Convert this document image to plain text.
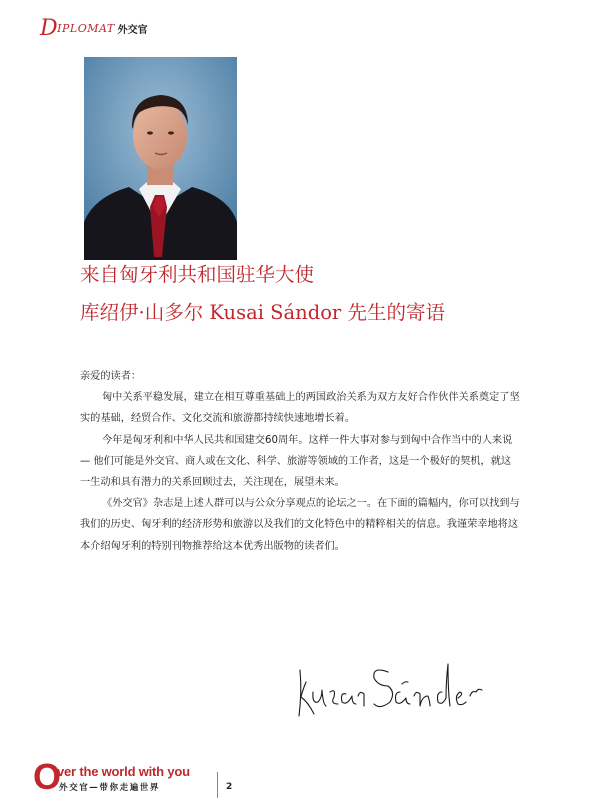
DIPLOMAT 外交官
来自匈牙利共和国驻华大使
库绍伊·山多尔 Kusai Sándor 先生的寄语

亲爱的读者：

匈中关系平稳发展，建立在相互尊重基础上的两国政治关系为双方友好合作伙伴关系奠定了坚实的基础，经贸合作、文化交流和旅游都持续快速地增长着。

今年是匈牙利和中华人民共和国建交60周年。这样一件大事对参与到匈中合作当中的人来说 — 他们可能是外交官、商人或在文化、科学、旅游等领域的工作者，这是一个极好的契机，就这一生动和具有潜力的关系回顾过去，关注现在，展望未来。

《外交官》杂志是上述人群可以与公众分享观点的论坛之一。在下面的篇幅内，你可以找到与我们的历史、匈牙利的经济形势和旅游以及我们的文化特色中的精粹相关的信息。我谨荣幸地将这本介绍匈牙利的特别刊物推荐给这本优秀出版物的读者们。

O
ver the world with you
外交官—带你走遍世界	2
